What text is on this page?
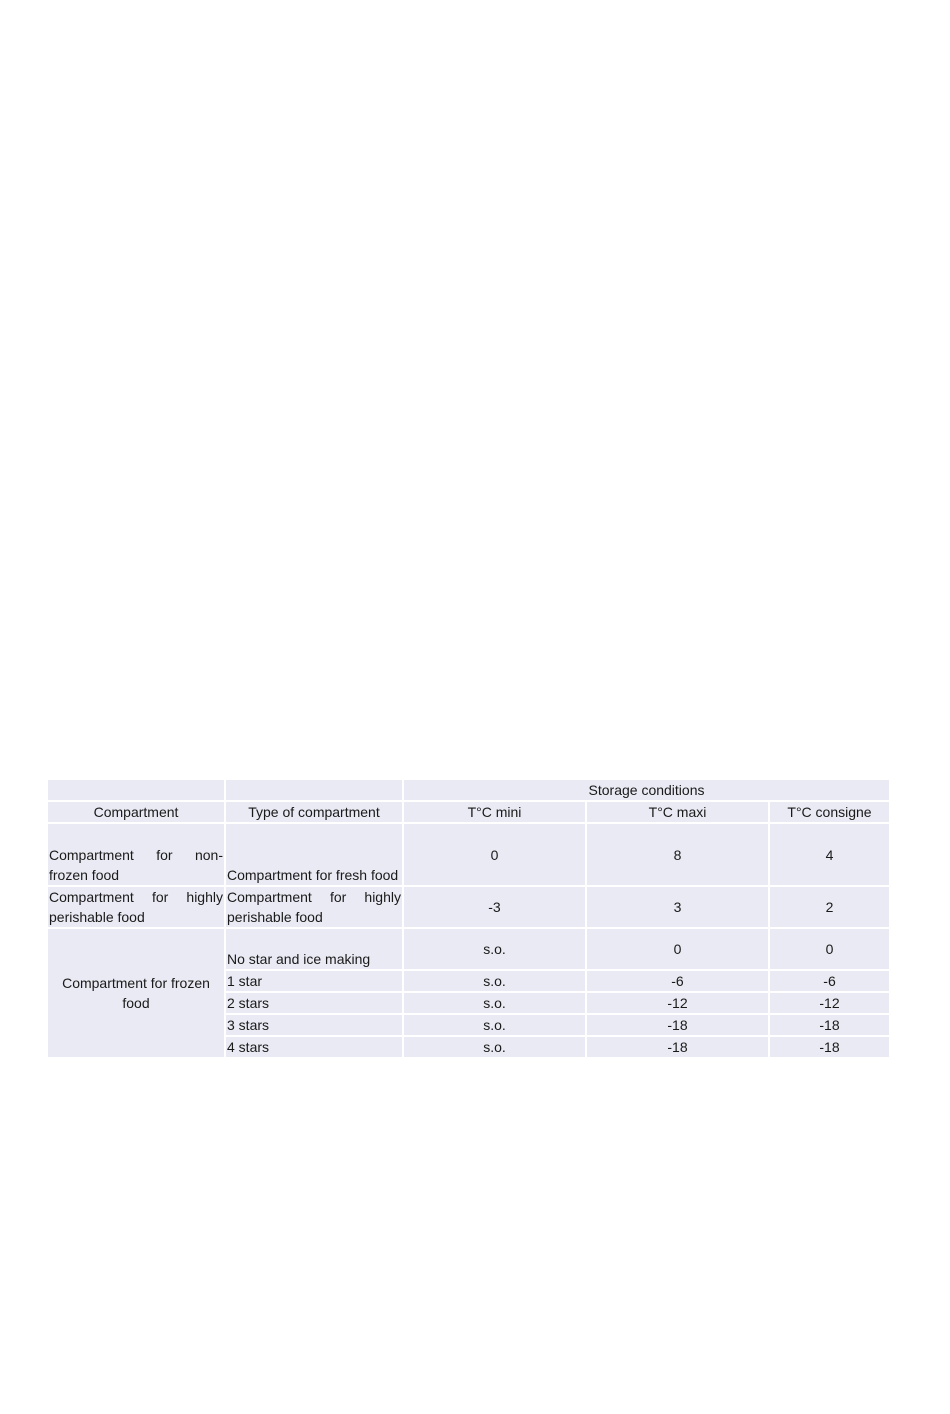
		Storage conditions		
Compartment	Type of compartment	T°C mini	T°C maxi	T°C consigne
Compartment for non-frozen food	Compartment for fresh food	0	8	4
Compartment for highly perishable food	Compartment for highly perishable food	-3	3	2
Compartment for frozen food	No star and ice making	s.o.	0	0
	1 star	s.o.	-6	-6
	2 stars	s.o.	-12	-12
	3 stars	s.o.	-18	-18
	4 stars	s.o.	-18	-18
